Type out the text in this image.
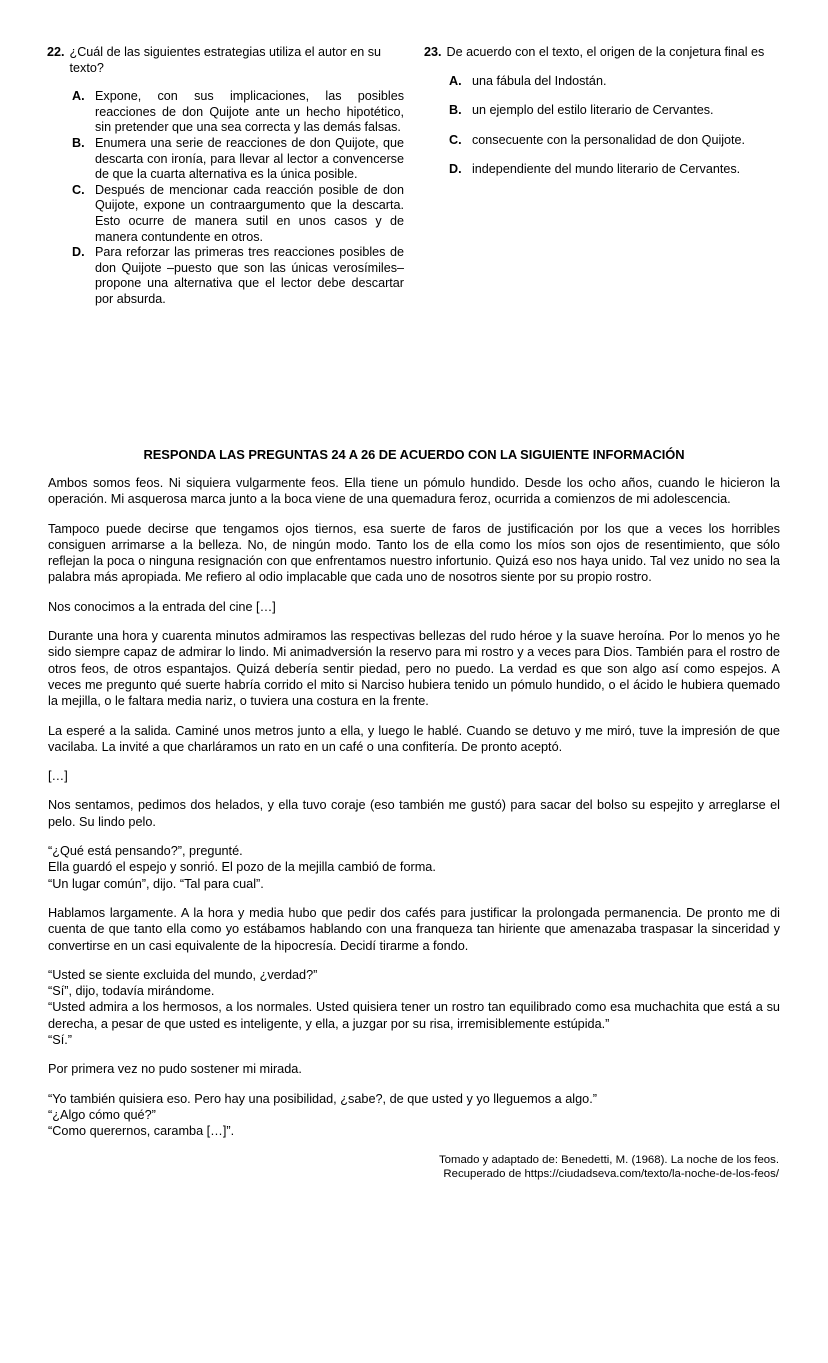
22. ¿Cuál de las siguientes estrategias utiliza el autor en su texto?
A. Expone, con sus implicaciones, las posibles reacciones de don Quijote ante un hecho hipotético, sin pretender que una sea correcta y las demás falsas.
B. Enumera una serie de reacciones de don Quijote, que descarta con ironía, para llevar al lector a convencerse de que la cuarta alternativa es la única posible.
C. Después de mencionar cada reacción posible de don Quijote, expone un contraargumento que la descarta. Esto ocurre de manera sutil en unos casos y de manera contundente en otros.
D. Para reforzar las primeras tres reacciones posibles de don Quijote –puesto que son las únicas verosímiles– propone una alternativa que el lector debe descartar por absurda.
23. De acuerdo con el texto, el origen de la conjetura final es
A. una fábula del Indostán.
B. un ejemplo del estilo literario de Cervantes.
C. consecuente con la personalidad de don Quijote.
D. independiente del mundo literario de Cervantes.
RESPONDA LAS PREGUNTAS 24 A 26 DE ACUERDO CON LA SIGUIENTE INFORMACIÓN

Ambos somos feos. Ni siquiera vulgarmente feos. Ella tiene un pómulo hundido. Desde los ocho años, cuando le hicieron la operación. Mi asquerosa marca junto a la boca viene de una quemadura feroz, ocurrida a comienzos de mi adolescencia.

Tampoco puede decirse que tengamos ojos tiernos, esa suerte de faros de justificación por los que a veces los horribles consiguen arrimarse a la belleza. No, de ningún modo. Tanto los de ella como los míos son ojos de resentimiento, que sólo reflejan la poca o ninguna resignación con que enfrentamos nuestro infortunio. Quizá eso nos haya unido. Tal vez unido no sea la palabra más apropiada. Me refiero al odio implacable que cada uno de nosotros siente por su propio rostro.

Nos conocimos a la entrada del cine […]

Durante una hora y cuarenta minutos admiramos las respectivas bellezas del rudo héroe y la suave heroína. Por lo menos yo he sido siempre capaz de admirar lo lindo. Mi animadversión la reservo para mi rostro y a veces para Dios. También para el rostro de otros feos, de otros espantajos. Quizá debería sentir piedad, pero no puedo. La verdad es que son algo así como espejos. A veces me pregunto qué suerte habría corrido el mito si Narciso hubiera tenido un pómulo hundido, o el ácido le hubiera quemado la mejilla, o le faltara media nariz, o tuviera una costura en la frente.

La esperé a la salida. Caminé unos metros junto a ella, y luego le hablé. Cuando se detuvo y me miró, tuve la impresión de que vacilaba. La invité a que charláramos un rato en un café o una confitería. De pronto aceptó.

[…]

Nos sentamos, pedimos dos helados, y ella tuvo coraje (eso también me gustó) para sacar del bolso su espejito y arreglarse el pelo. Su lindo pelo.

“¿Qué está pensando?”, pregunté.
Ella guardó el espejo y sonrió. El pozo de la mejilla cambió de forma.
“Un lugar común”, dijo. “Tal para cual”.

Hablamos largamente. A la hora y media hubo que pedir dos cafés para justificar la prolongada permanencia. De pronto me di cuenta de que tanto ella como yo estábamos hablando con una franqueza tan hiriente que amenazaba traspasar la sinceridad y convertirse en un casi equivalente de la hipocresía. Decidí tirarme a fondo.

“Usted se siente excluida del mundo, ¿verdad?”
“Sí”, dijo, todavía mirándome.
“Usted admira a los hermosos, a los normales. Usted quisiera tener un rostro tan equilibrado como esa muchachita que está a su derecha, a pesar de que usted es inteligente, y ella, a juzgar por su risa, irremisiblemente estúpida.”
“Sí.”

Por primera vez no pudo sostener mi mirada.

“Yo también quisiera eso. Pero hay una posibilidad, ¿sabe?, de que usted y yo lleguemos a algo.”
“¿Algo cómo qué?”
“Como querernos, caramba […]”.

Tomado y adaptado de: Benedetti, M. (1968). La noche de los feos.
Recuperado de https://ciudadseva.com/texto/la-noche-de-los-feos/
